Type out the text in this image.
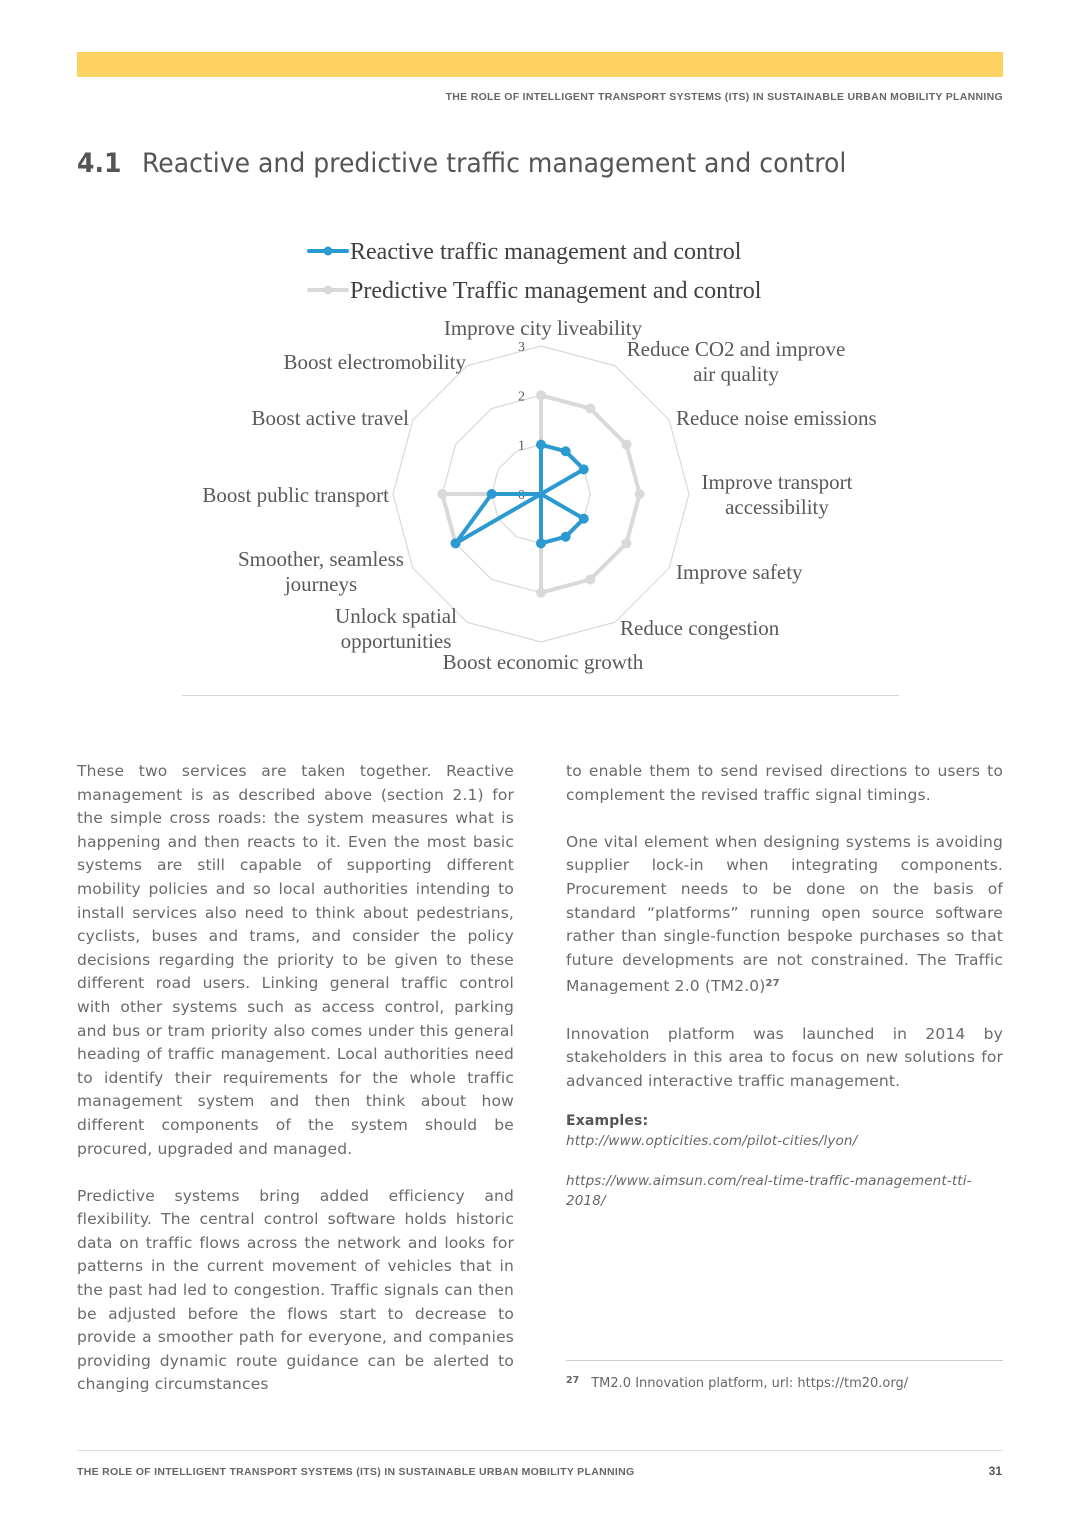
THE ROLE OF INTELLIGENT TRANSPORT SYSTEMS (ITS) IN SUSTAINABLE URBAN MOBILITY PLANNING
4.1 Reactive and predictive traffic management and control
Reactive traffic management and control
Predictive Traffic management and control
0
1
2
3
Improve city liveability
Reduce CO2 and improve
air quality
Reduce noise emissions
Improve transport
accessibility
Improve safety
Reduce congestion
Boost economic growth
Unlock spatial
opportunities
Smoother, seamless
journeys
Boost public transport
Boost active travel
Boost electromobility

These two services are taken together. Reactive management is as described above (section 2.1) for the simple cross roads: the system measures what is happening and then reacts to it. Even the most basic systems are still capable of supporting different mobility policies and so local authorities intending to install services also need to think about pedestrians, cyclists, buses and trams, and consider the policy decisions regarding the priority to be given to these different road users. Linking general traffic control with other systems such as access control, parking and bus or tram priority also comes under this general heading of traffic management. Local authorities need to identify their requirements for the whole traffic management system and then think about how different components of the system should be procured, upgraded and managed.

Predictive systems bring added efficiency and flexibility. The central control software holds historic data on traffic flows across the network and looks for patterns in the current movement of vehicles that in the past had led to congestion. Traffic signals can then be adjusted before the flows start to decrease to provide a smoother path for everyone, and companies providing dynamic route guidance can be alerted to changing circumstances

to enable them to send revised directions to users to complement the revised traffic signal timings.

One vital element when designing systems is avoiding supplier lock-in when integrating components. Procurement needs to be done on the basis of standard “platforms” running open source software rather than single-function bespoke purchases so that future developments are not constrained. The Traffic Management 2.0 $(TM2.0)^{27}$

Innovation platform was launched in 2014 by stakeholders in this area to focus on new solutions for advanced interactive traffic management.

Examples:
http://www.opticities.com/pilot-cities/lyon/
https://www.aimsun.com/real-time-traffic-management-tti-2018/
$^{27}$ TM2.0 Innovation platform, url: https://tm20.org/
THE ROLE OF INTELLIGENT TRANSPORT SYSTEMS (ITS) IN SUSTAINABLE URBAN MOBILITY PLANNING	31
